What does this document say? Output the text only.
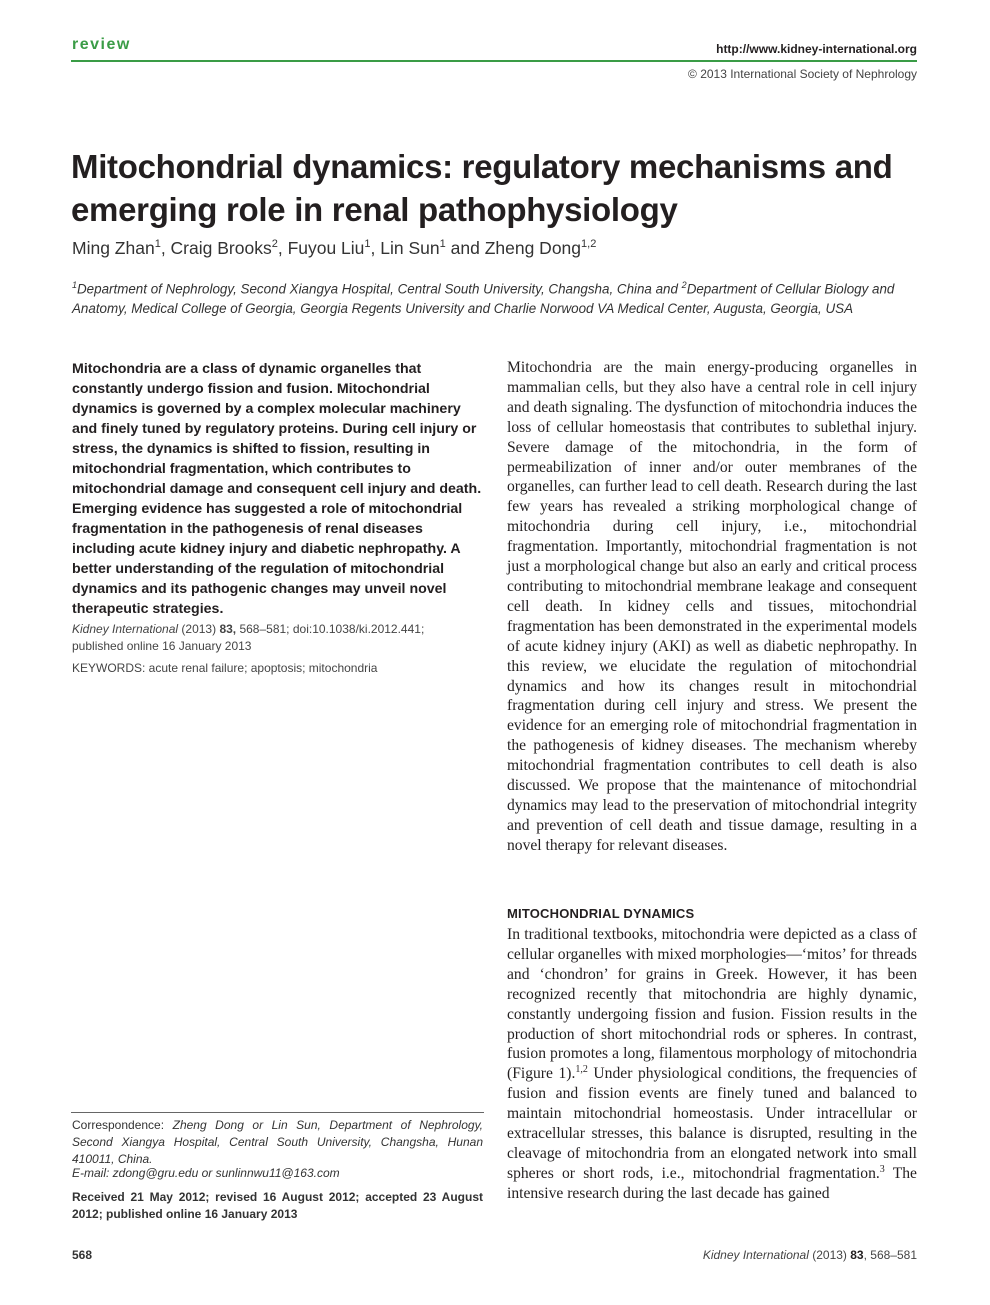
review	http://www.kidney-international.org
© 2013 International Society of Nephrology
Mitochondrial dynamics: regulatory mechanisms and emerging role in renal pathophysiology
Ming Zhan$^1$, Craig Brooks$^2$, Fuyou Liu$^1$, Lin Sun$^1$ and Zheng Dong$^{1,2}$
$^1$Department of Nephrology, Second Xiangya Hospital, Central South University, Changsha, China and $^2$Department of Cellular Biology and Anatomy, Medical College of Georgia, Georgia Regents University and Charlie Norwood VA Medical Center, Augusta, Georgia, USA
Mitochondria are a class of dynamic organelles that constantly undergo fission and fusion. Mitochondrial dynamics is governed by a complex molecular machinery and finely tuned by regulatory proteins. During cell injury or stress, the dynamics is shifted to fission, resulting in mitochondrial fragmentation, which contributes to mitochondrial damage and consequent cell injury and death. Emerging evidence has suggested a role of mitochondrial fragmentation in the pathogenesis of renal diseases including acute kidney injury and diabetic nephropathy. A better understanding of the regulation of mitochondrial dynamics and its pathogenic changes may unveil novel therapeutic strategies.
Kidney International (2013) 83, 568–581; doi:10.1038/ki.2012.441;
published online 16 January 2013
KEYWORDS: acute renal failure; apoptosis; mitochondria
Correspondence: Zheng Dong or Lin Sun, Department of Nephrology, Second Xiangya Hospital, Central South University, Changsha, Hunan 410011, China.
E-mail: zdong@gru.edu or sunlinnwu11@163.com
Received 21 May 2012; revised 16 August 2012; accepted 23 August 2012; published online 16 January 2013

Mitochondria are the main energy-producing organelles in mammalian cells, but they also have a central role in cell injury and death signaling. The dysfunction of mitochondria induces the loss of cellular homeostasis that contributes to sublethal injury. Severe damage of the mitochondria, in the form of permeabilization of inner and/or outer membranes of the organelles, can further lead to cell death. Research during the last few years has revealed a striking morphological change of mitochondria during cell injury, i.e., mitochondrial fragmentation. Importantly, mitochondrial fragmentation is not just a morphological change but also an early and critical process contributing to mitochondrial membrane leakage and consequent cell death. In kidney cells and tissues, mitochondrial fragmentation has been demonstrated in the experimental models of acute kidney injury (AKI) as well as diabetic nephropathy. In this review, we elucidate the regulation of mitochondrial dynamics and how its changes result in mitochondrial fragmentation during cell injury and stress. We present the evidence for an emerging role of mitochondrial fragmentation in the pathogenesis of kidney diseases. The mechanism whereby mitochondrial fragmentation contributes to cell death is also discussed. We propose that the maintenance of mitochondrial dynamics may lead to the preservation of mitochondrial integrity and prevention of cell death and tissue damage, resulting in a novel therapy for relevant diseases.

MITOCHONDRIAL DYNAMICS

In traditional textbooks, mitochondria were depicted as a class of cellular organelles with mixed morphologies—‘mitos’ for threads and ‘chondron’ for grains in Greek. However, it has been recognized recently that mitochondria are highly dynamic, constantly undergoing fission and fusion. Fission results in the production of short mitochondrial rods or spheres. In contrast, fusion promotes a long, filamentous morphology of mitochondria (Figure 1).$^{1,2}$ Under physiological conditions, the frequencies of fusion and fission events are finely tuned and balanced to maintain mitochondrial homeostasis. Under intracellular or extracellular stresses, this balance is disrupted, resulting in the cleavage of mitochondria from an elongated network into small spheres or short rods, i.e., mitochondrial fragmentation.$^3$ The intensive research during the last decade has gained

568	Kidney International (2013) 83, 568–581
